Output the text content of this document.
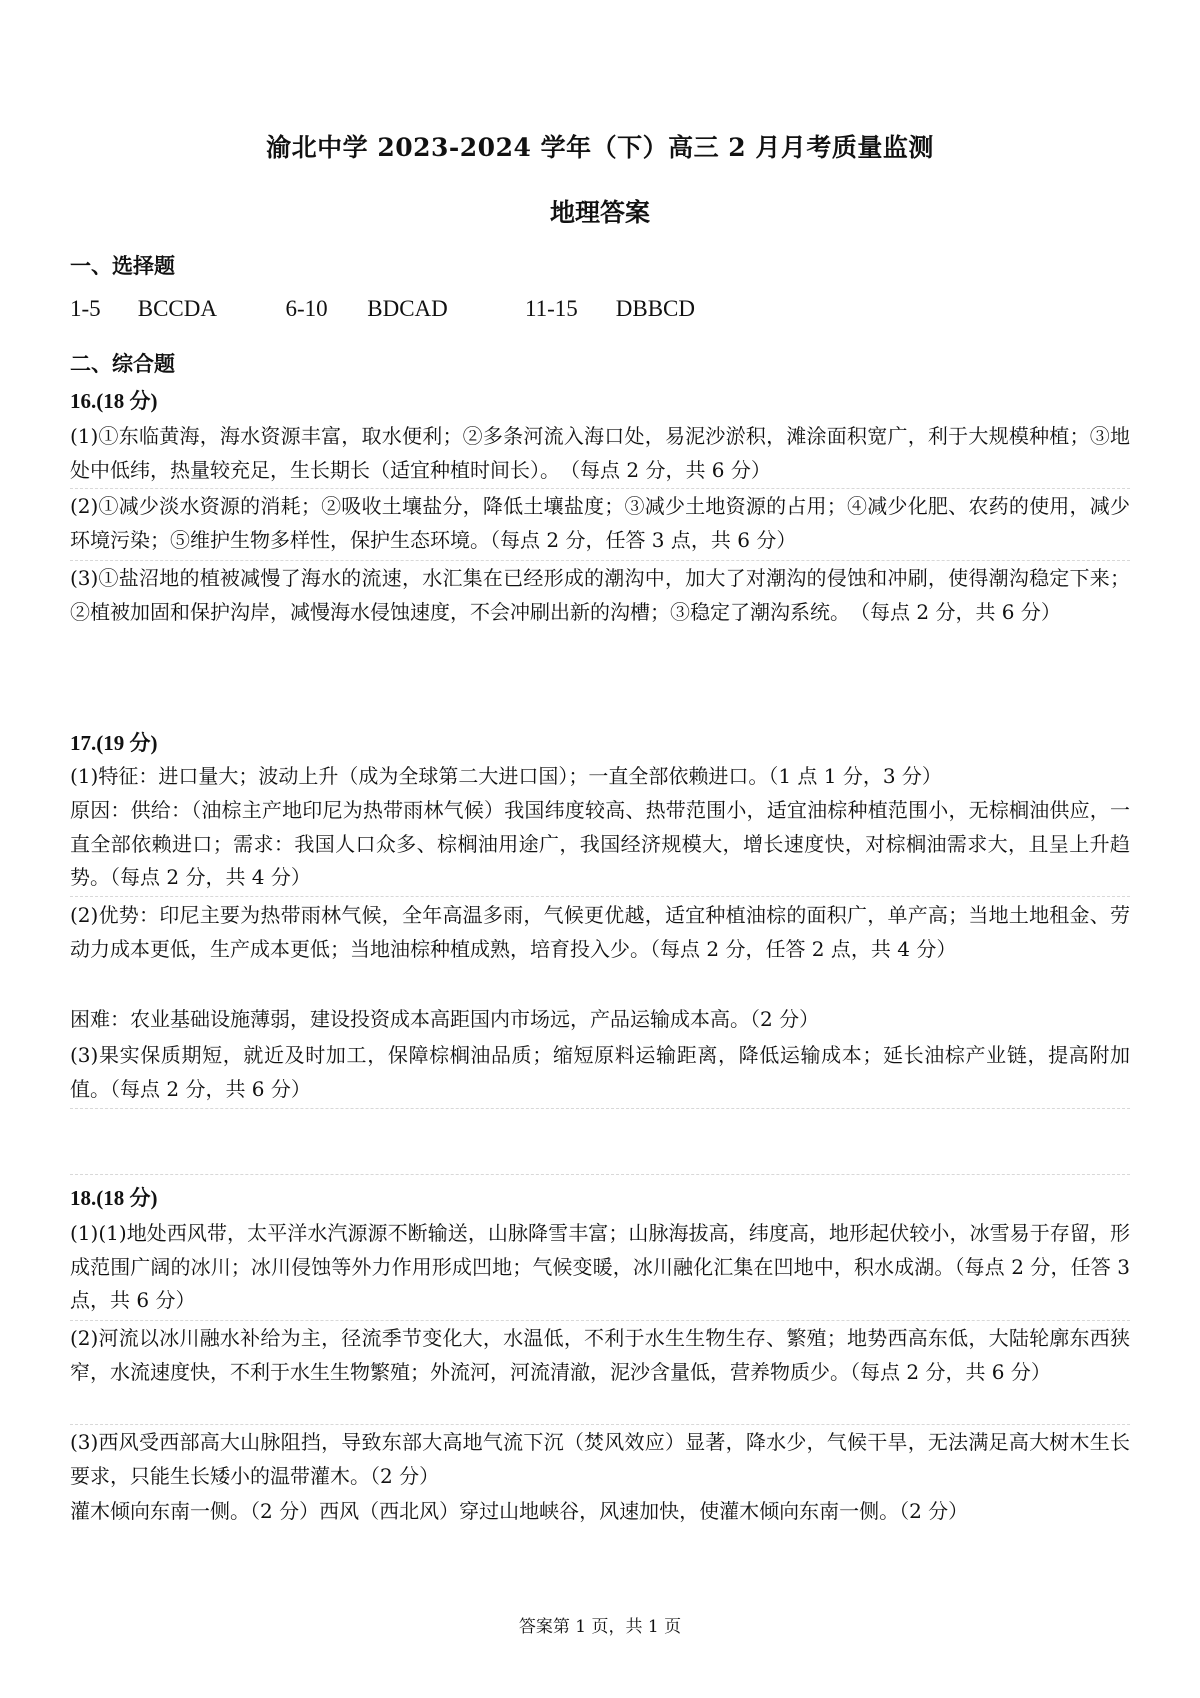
渝北中学 2023-2024 学年（下）高三 2 月月考质量监测
地理答案
一、选择题
1-5 BCCDA	6-10 BDCAD	11-15 DBBCD
二、综合题
16.(18 分)
(1)①东临黄海，海水资源丰富，取水便利；②多条河流入海口处，易泥沙淤积，滩涂面积宽广，利于大规模种植；③地处中低纬，热量较充足，生长期长（适宜种植时间长）。　（每点 2 分，共 6 分）
(2)①减少淡水资源的消耗；②吸收土壤盐分，降低土壤盐度；③减少土地资源的占用；④减少化肥、农药的使用，减少环境污染；⑤维护生物多样性，保护生态环境。（每点 2 分，任答 3 点，共 6 分）
(3)①盐沼地的植被减慢了海水的流速，水汇集在已经形成的潮沟中，加大了对潮沟的侵蚀和冲刷，使得潮沟稳定下来；②植被加固和保护沟岸，减慢海水侵蚀速度，不会冲刷出新的沟槽；③稳定了潮沟系统。　（每点 2 分，共 6 分）
17.(19 分)
(1)特征：进口量大；波动上升（成为全球第二大进口国）；一直全部依赖进口。（1 点 1 分，3 分）
原因：供给：（油棕主产地印尼为热带雨林气候）我国纬度较高、热带范围小，适宜油棕种植范围小，无棕榈油供应，一直全部依赖进口；需求：我国人口众多、棕榈油用途广，我国经济规模大，增长速度快，对棕榈油需求大，且呈上升趋势。（每点 2 分，共 4 分）
(2)优势：印尼主要为热带雨林气候，全年高温多雨，气候更优越，适宜种植油棕的面积广，单产高；当地土地租金、劳动力成本更低，生产成本更低；当地油棕种植成熟，培育投入少。（每点 2 分，任答 2 点，共 4 分）
困难：农业基础设施薄弱，建设投资成本高距国内市场远，产品运输成本高。（2 分）
(3)果实保质期短，就近及时加工，保障棕榈油品质；缩短原料运输距离，降低运输成本；延长油棕产业链，提高附加值。（每点 2 分，共 6 分）
18.(18 分)
(1)(1)地处西风带，太平洋水汽源源不断输送，山脉降雪丰富；山脉海拔高，纬度高，地形起伏较小，冰雪易于存留，形成范围广阔的冰川；冰川侵蚀等外力作用形成凹地；气候变暖，冰川融化汇集在凹地中，积水成湖。（每点 2 分，任答 3 点，共 6 分）
(2)河流以冰川融水补给为主，径流季节变化大，水温低，不利于水生生物生存、繁殖；地势西高东低，大陆轮廓东西狭窄，水流速度快，不利于水生生物繁殖；外流河，河流清澈，泥沙含量低，营养物质少。（每点 2 分，共 6 分）
(3)西风受西部高大山脉阻挡，导致东部大高地气流下沉（焚风效应）显著，降水少，气候干旱，无法满足高大树木生长要求，只能生长矮小的温带灌木。（2 分）
灌木倾向东南一侧。（2 分）西风（西北风）穿过山地峡谷，风速加快，使灌木倾向东南一侧。（2 分）
答案第 1 页，共 1 页
